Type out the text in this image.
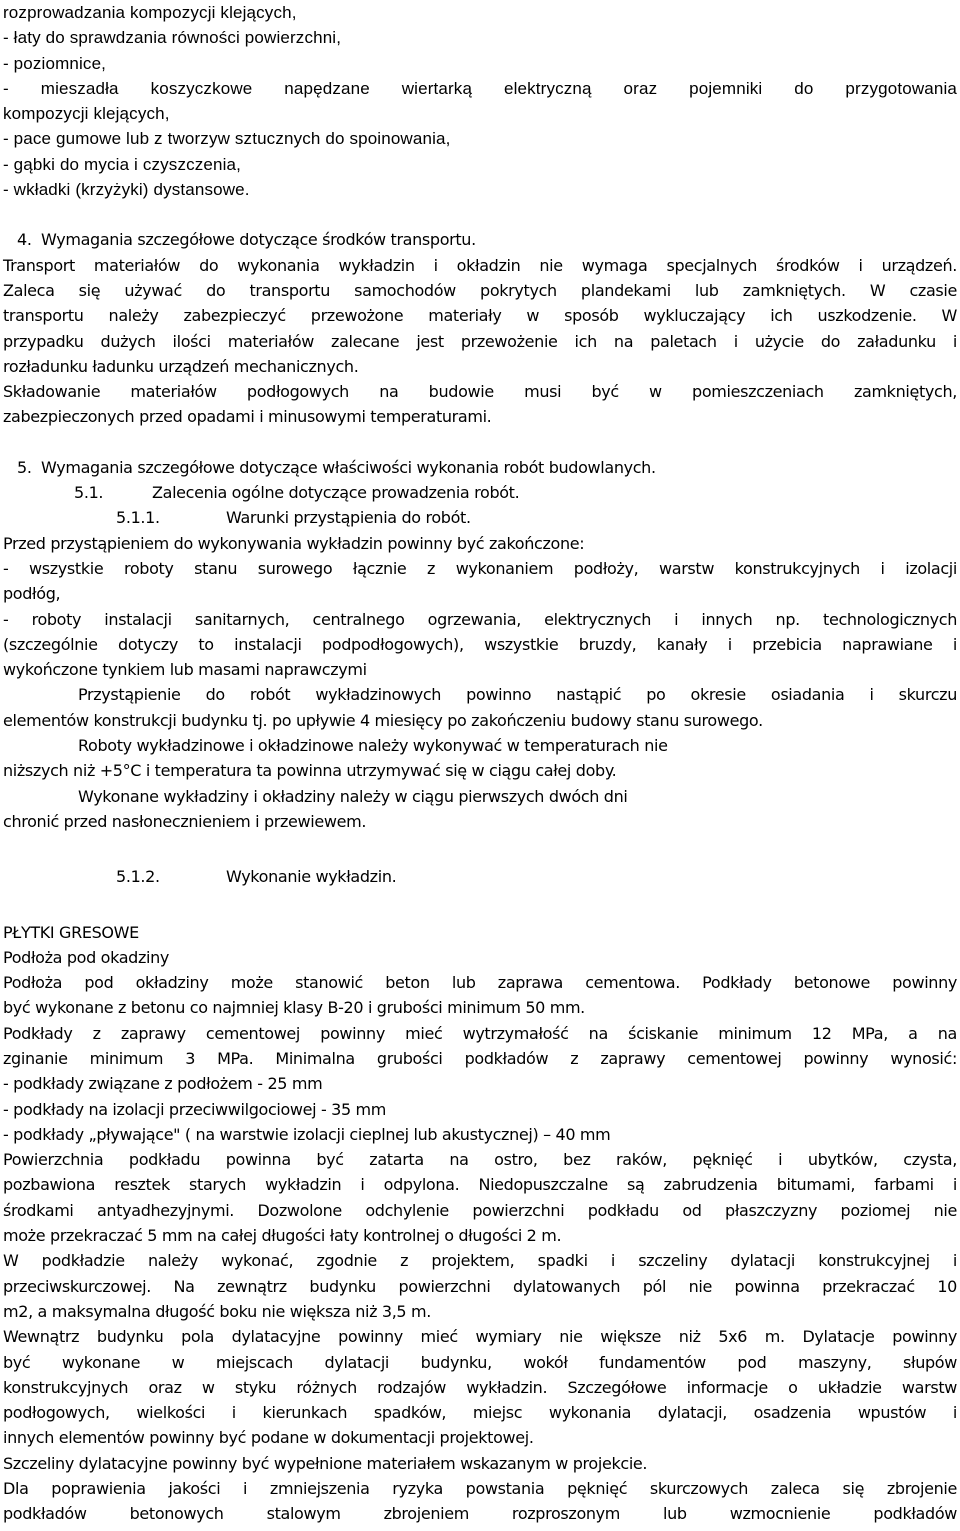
rozprowadzania kompozycji klejących,
- łaty do sprawdzania równości powierzchni,
- poziomnice,
- mieszadła koszyczkowe napędzane wiertarką elektryczną oraz pojemniki do przygotowania
kompozycji klejących,
- pace gumowe lub z tworzyw sztucznych do spoinowania,
- gąbki do mycia i czyszczenia,
- wkładki (krzyżyki) dystansowe.
4.  Wymagania szczegółowe dotyczące środków transportu.
Transport materiałów do wykonania wykładzin i okładzin nie wymaga specjalnych środków i urządzeń.
Zaleca się używać do transportu samochodów pokrytych plandekami lub zamkniętych. W czasie
transportu należy zabezpieczyć przewożone materiały w sposób wykluczający ich uszkodzenie. W
przypadku dużych ilości materiałów zalecane jest przewożenie ich na paletach i użycie do załadunku i
rozładunku ładunku urządzeń mechanicznych.
Składowanie materiałów podłogowych na budowie musi być w pomieszczeniach zamkniętych,
zabezpieczonych przed opadami i minusowymi temperaturami.
5.  Wymagania szczegółowe dotyczące właściwości wykonania robót budowlanych.
5.1.	Zalecenia ogólne dotyczące prowadzenia robót.
5.1.1.	Warunki przystąpienia do robót.
Przed przystąpieniem do wykonywania wykładzin powinny być zakończone:
- wszystkie roboty stanu surowego łącznie z wykonaniem podłoży, warstw konstrukcyjnych i izolacji
podłóg,
- roboty instalacji sanitarnych, centralnego ogrzewania, elektrycznych i innych np. technologicznych
(szczególnie dotyczy to instalacji podpodłogowych), wszystkie bruzdy, kanały i przebicia naprawiane i
wykończone tynkiem lub masami naprawczymi
Przystąpienie do robót wykładzinowych powinno nastąpić po okresie osiadania i skurczu
elementów konstrukcji budynku tj. po upływie 4 miesięcy po zakończeniu budowy stanu surowego.
Roboty wykładzinowe i okładzinowe należy wykonywać w temperaturach nie
niższych niż +5°C i temperatura ta powinna utrzymywać się w ciągu całej doby.
Wykonane wykładziny i okładziny należy w ciągu pierwszych dwóch dni
chronić przed nasłonecznieniem i przewiewem.
5.1.2.	Wykonanie wykładzin.
PŁYTKI GRESOWE
Podłoża pod okadziny
Podłoża pod okładziny może stanowić beton lub zaprawa cementowa. Podkłady betonowe powinny
być wykonane z betonu co najmniej klasy B-20 i grubości minimum 50 mm.
Podkłady z zaprawy cementowej powinny mieć wytrzymałość na ściskanie minimum 12 MPa, a na
zginanie minimum 3 MPa. Minimalna grubości podkładów z zaprawy cementowej powinny wynosić:
- podkłady związane z podłożem - 25 mm
- podkłady na izolacji przeciwwilgociowej - 35 mm
- podkłady „pływające" ( na warstwie izolacji cieplnej lub akustycznej) – 40 mm
Powierzchnia podkładu powinna być zatarta na ostro, bez raków, pęknięć i ubytków, czysta,
pozbawiona resztek starych wykładzin i odpylona. Niedopuszczalne są zabrudzenia bitumami, farbami i
środkami antyadhezyjnymi. Dozwolone odchylenie powierzchni podkładu od płaszczyzny poziomej nie
może przekraczać 5 mm na całej długości łaty kontrolnej o długości 2 m.
W podkładzie należy wykonać, zgodnie z projektem, spadki i szczeliny dylatacji konstrukcyjnej i
przeciwskurczowej. Na zewnątrz budynku powierzchni dylatowanych pól nie powinna przekraczać 10
m2, a maksymalna długość boku nie większa niż 3,5 m.
Wewnątrz budynku pola dylatacyjne powinny mieć wymiary nie większe niż 5x6 m. Dylatacje powinny
być wykonane w miejscach dylatacji budynku, wokół fundamentów pod maszyny, słupów
konstrukcyjnych oraz w styku różnych rodzajów wykładzin. Szczegółowe informacje o układzie warstw
podłogowych, wielkości i kierunkach spadków, miejsc wykonania dylatacji, osadzenia wpustów i
innych elementów powinny być podane w dokumentacji projektowej.
Szczeliny dylatacyjne powinny być wypełnione materiałem wskazanym w projekcie.
Dla poprawienia jakości i zmniejszenia ryzyka powstania pęknięć skurczowych zaleca się zbrojenie
podkładów betonowych stalowym zbrojeniem rozproszonym lub wzmocnienie podkładów
